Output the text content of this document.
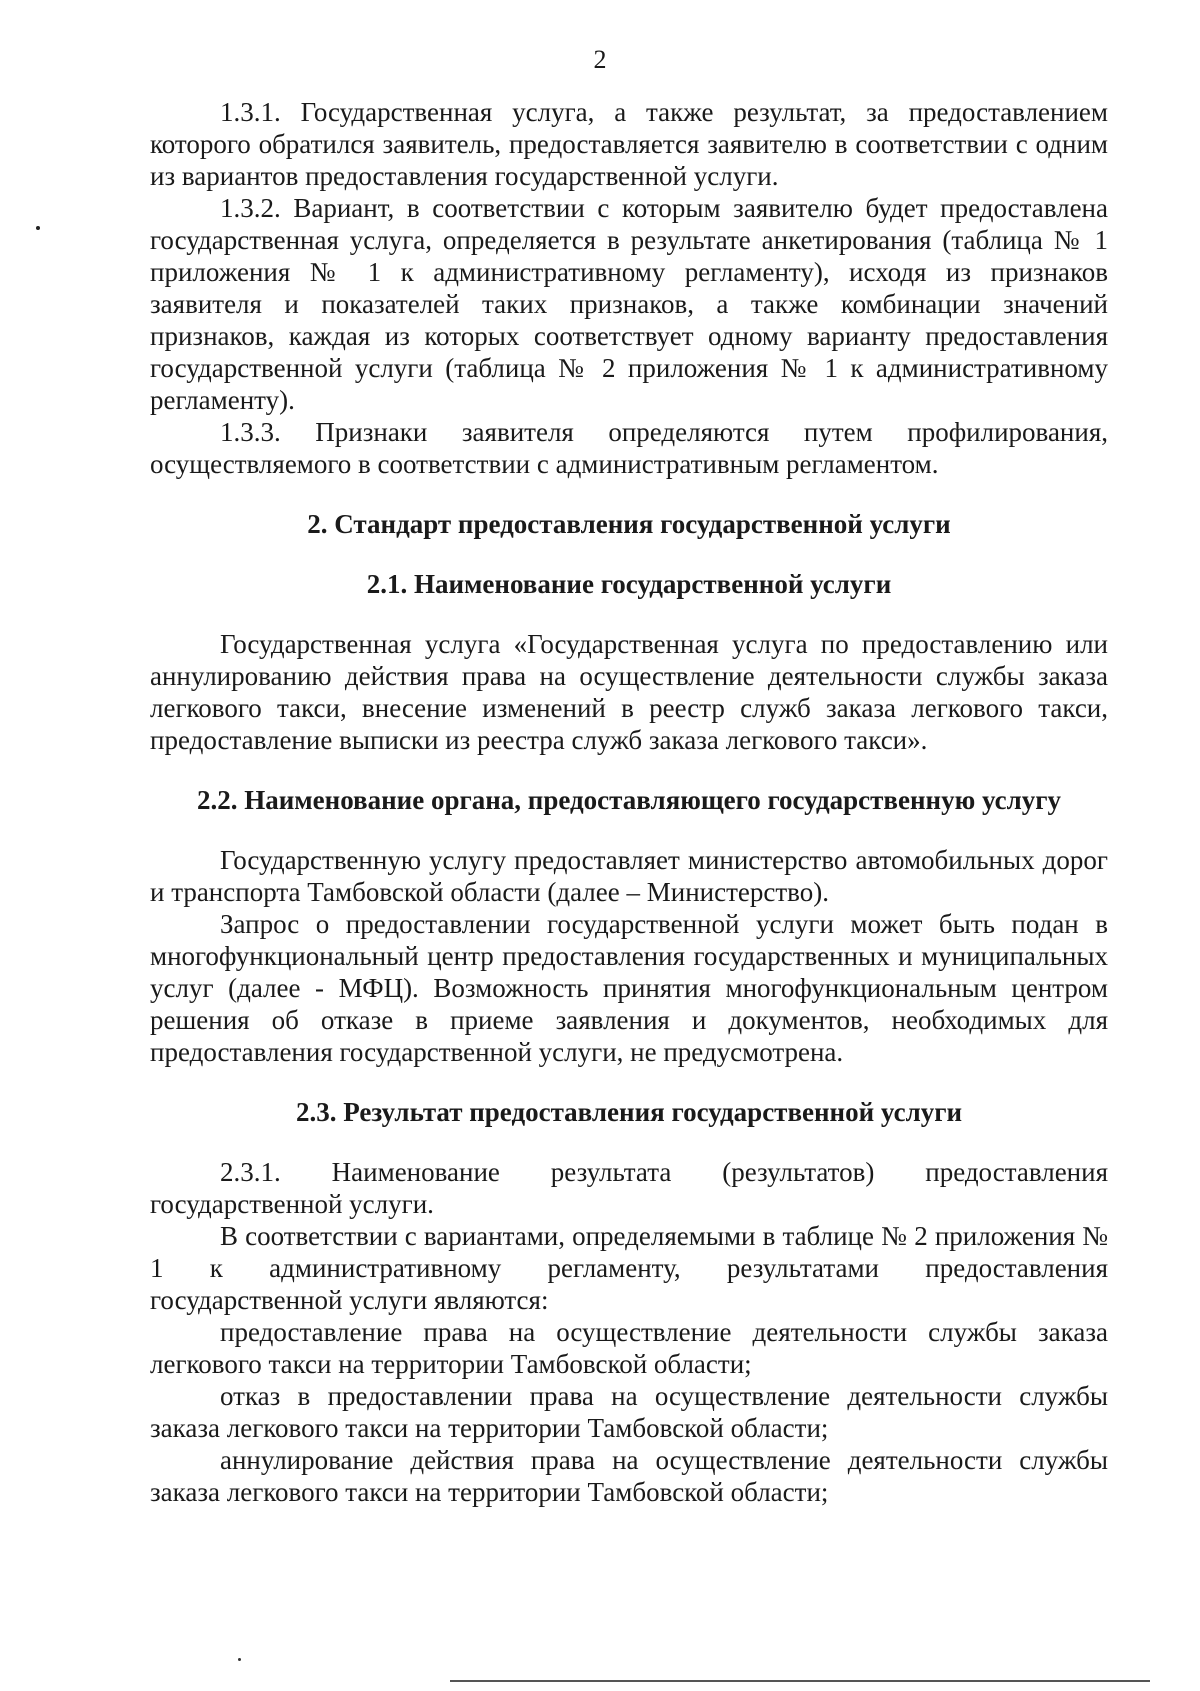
2

1.3.1. Государственная услуга, а также результат, за предоставлением которого обратился заявитель, предоставляется заявителю в соответствии с одним из вариантов предоставления государственной услуги.

1.3.2. Вариант, в соответствии с которым заявителю будет предоставлена государственная услуга, определяется в результате анкетирования (таблица № 1 приложения № 1 к административному регламенту), исходя из признаков заявителя и показателей таких признаков, а также комбинации значений признаков, каждая из которых соответствует одному варианту предоставления государственной услуги (таблица № 2 приложения № 1 к административному регламенту).

1.3.3. Признаки заявителя определяются путем профилирования, осуществляемого в соответствии с административным регламентом.

2. Стандарт предоставления государственной услуги
2.1. Наименование государственной услуги

Государственная услуга «Государственная услуга по предоставлению или аннулированию действия права на осуществление деятельности службы заказа легкового такси, внесение изменений в реестр служб заказа легкового такси, предоставление выписки из реестра служб заказа легкового такси».

2.2. Наименование органа, предоставляющего государственную услугу

Государственную услугу предоставляет министерство автомобильных дорог и транспорта Тамбовской области (далее – Министерство).

Запрос о предоставлении государственной услуги может быть подан в многофункциональный центр предоставления государственных и муниципальных услуг (далее - МФЦ). Возможность принятия многофункциональным центром решения об отказе в приеме заявления и документов, необходимых для предоставления государственной услуги, не предусмотрена.

2.3. Результат предоставления государственной услуги

2.3.1. Наименование результата (результатов) предоставления государственной услуги.

В соответствии с вариантами, определяемыми в таблице № 2 приложения № 1 к административному регламенту, результатами предоставления государственной услуги являются:

предоставление права на осуществление деятельности службы заказа легкового такси на территории Тамбовской области;

отказ в предоставлении права на осуществление деятельности службы заказа легкового такси на территории Тамбовской области;

аннулирование действия права на осуществление деятельности службы заказа легкового такси на территории Тамбовской области;
